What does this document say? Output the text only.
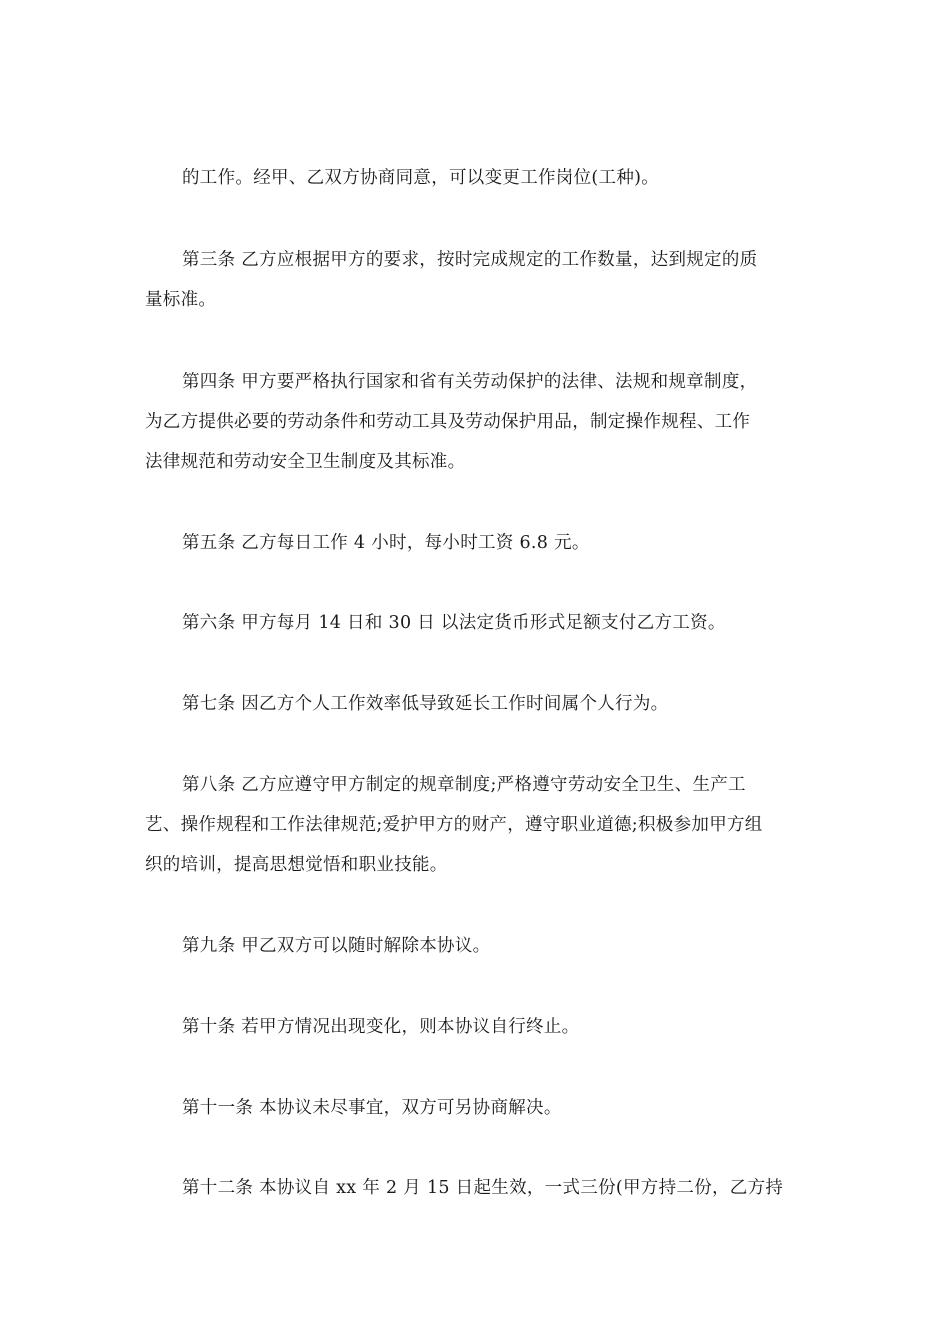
的工作。经甲、乙双方协商同意，可以变更工作岗位(工种)。
第三条 乙方应根据甲方的要求，按时完成规定的工作数量，达到规定的质
量标准。
第四条 甲方要严格执行国家和省有关劳动保护的法律、法规和规章制度，
为乙方提供必要的劳动条件和劳动工具及劳动保护用品，制定操作规程、工作
法律规范和劳动安全卫生制度及其标准。
第五条 乙方每日工作 4 小时，每小时工资 6.8 元。
第六条 甲方每月 14 日和 30 日 以法定货币形式足额支付乙方工资。
第七条 因乙方个人工作效率低导致延长工作时间属个人行为。
第八条 乙方应遵守甲方制定的规章制度;严格遵守劳动安全卫生、生产工
艺、操作规程和工作法律规范;爱护甲方的财产，遵守职业道德;积极参加甲方组
织的培训，提高思想觉悟和职业技能。
第九条 甲乙双方可以随时解除本协议。
第十条 若甲方情况出现变化，则本协议自行终止。
第十一条 本协议未尽事宜，双方可另协商解决。
第十二条 本协议自 xx 年 2 月 15 日起生效，一式三份(甲方持二份，乙方持
